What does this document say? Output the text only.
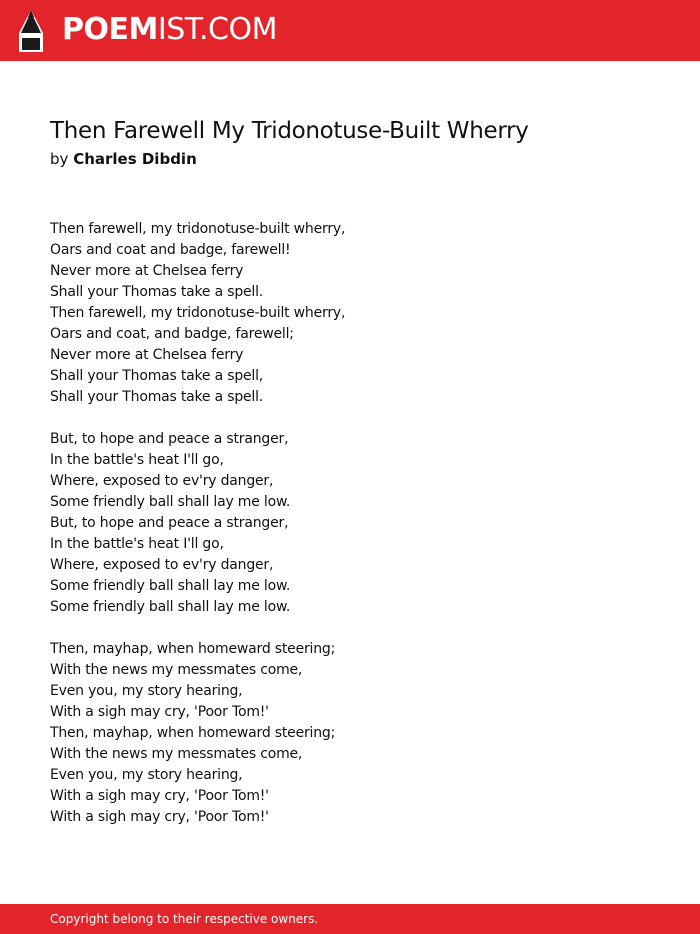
POEMIST.COM
Then Farewell My Tridonotuse-Built Wherry
by Charles Dibdin
Then farewell, my tridonotuse-built wherry,
Oars and coat and badge, farewell!
Never more at Chelsea ferry
Shall your Thomas take a spell.
Then farewell, my tridonotuse-built wherry,
Oars and coat, and badge, farewell;
Never more at Chelsea ferry
Shall your Thomas take a spell,
Shall your Thomas take a spell.
But, to hope and peace a stranger,
In the battle's heat I'll go,
Where, exposed to ev'ry danger,
Some friendly ball shall lay me low.
But, to hope and peace a stranger,
In the battle's heat I'll go,
Where, exposed to ev'ry danger,
Some friendly ball shall lay me low.
Some friendly ball shall lay me low.
Then, mayhap, when homeward steering;
With the news my messmates come,
Even you, my story hearing,
With a sigh may cry, 'Poor Tom!'
Then, mayhap, when homeward steering;
With the news my messmates come,
Even you, my story hearing,
With a sigh may cry, 'Poor Tom!'
With a sigh may cry, 'Poor Tom!'
Copyright belong to their respective owners.
